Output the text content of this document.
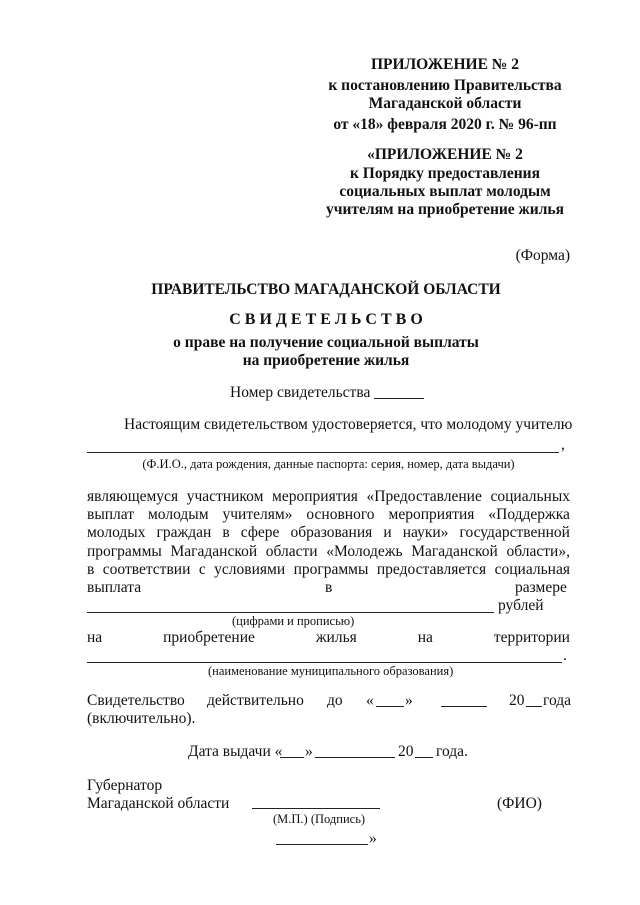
ПРИЛОЖЕНИЕ № 2
к постановлению Правительства
Магаданской области
от «18» февраля 2020 г. № 96-пп
«ПРИЛОЖЕНИЕ № 2
к Порядку предоставления
социальных выплат молодым
учителям на приобретение жилья
(Форма)
ПРАВИТЕЛЬСТВО МАГАДАНСКОЙ ОБЛАСТИ
С В И Д Е Т Е Л Ь С Т В О
о праве на получение социальной выплаты
на приобретение жилья
Номер свидетельства
Настоящим свидетельством удостоверяется, что молодому учителю
,
(Ф.И.О., дата рождения, данные паспорта: серия, номер, дата выдачи)
являющемуся участником мероприятия «Предоставление социальных
выплат молодым учителям» основного мероприятия «Поддержка
молодых граждан в сфере образования и науки» государственной
программы Магаданской области «Молодежь Магаданской области»,
в соответствии с условиями программы предоставляется социальная
выплата	в	размере
рублей
(цифрами и прописью)
на	приобретение	жилья	на	территории
.
(наименование муниципального образования)
Свидетельство действительно до « »	20 года
(включительно).
Дата выдачи « »	20 года.
Губернатор
Магаданской области	(ФИО)
(М.П.) (Подпись)
»
